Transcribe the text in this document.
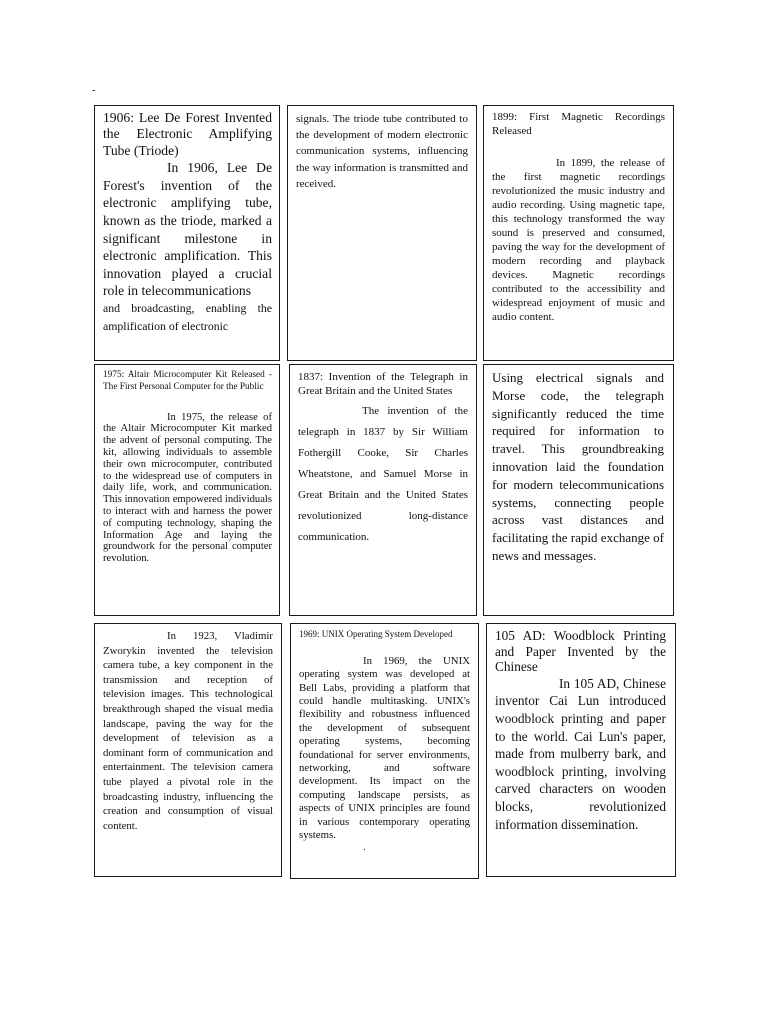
-

1906: Lee De Forest Invented the Electronic Amplifying Tube (Triode)

In 1906, Lee De Forest's invention of the electronic amplifying tube, known as the triode, marked a significant milestone in electronic amplification. This innovation played a crucial role in telecommunications

and broadcasting, enabling the amplification of electronic

signals. The triode tube contributed to the development of modern electronic communication systems, influencing the way information is transmitted and received.

1899: First Magnetic Recordings Released

In 1899, the release of the first magnetic recordings revolutionized the music industry and audio recording. Using magnetic tape, this technology transformed the way sound is preserved and consumed, paving the way for the development of modern recording and playback devices. Magnetic recordings contributed to the accessibility and widespread enjoyment of music and audio content.

1975: Altair Microcomputer Kit Released - The First Personal Computer for the Public

In 1975, the release of the Altair Microcomputer Kit marked the advent of personal computing. The kit, allowing individuals to assemble their own microcomputer, contributed to the widespread use of computers in daily life, work, and communication. This innovation empowered individuals to interact with and harness the power of computing technology, shaping the Information Age and laying the groundwork for the personal computer revolution.

1837: Invention of the Telegraph in Great Britain and the United States

The invention of the telegraph in 1837 by Sir William Fothergill Cooke, Sir Charles Wheatstone, and Samuel Morse in Great Britain and the United States revolutionized long-distance communication.

Using electrical signals and Morse code, the telegraph significantly reduced the time required for information to travel. This groundbreaking innovation laid the foundation for modern telecommunications systems, connecting people across vast distances and facilitating the rapid exchange of news and messages.

In 1923, Vladimir Zworykin invented the television camera tube, a key component in the transmission and reception of television images. This technological breakthrough shaped the visual media landscape, paving the way for the development of television as a dominant form of communication and entertainment. The television camera tube played a pivotal role in the broadcasting industry, influencing the creation and consumption of visual content.

1969: UNIX Operating System Developed

In 1969, the UNIX operating system was developed at Bell Labs, providing a platform that could handle multitasking. UNIX's flexibility and robustness influenced the development of subsequent operating systems, becoming foundational for server environments, networking, and software development. Its impact on the computing landscape persists, as aspects of UNIX principles are found in various contemporary operating systems.

.

105 AD: Woodblock Printing and Paper Invented by the Chinese

In 105 AD, Chinese inventor Cai Lun introduced woodblock printing and paper to the world. Cai Lun's paper, made from mulberry bark, and woodblock printing, involving carved characters on wooden blocks, revolutionized information dissemination.
